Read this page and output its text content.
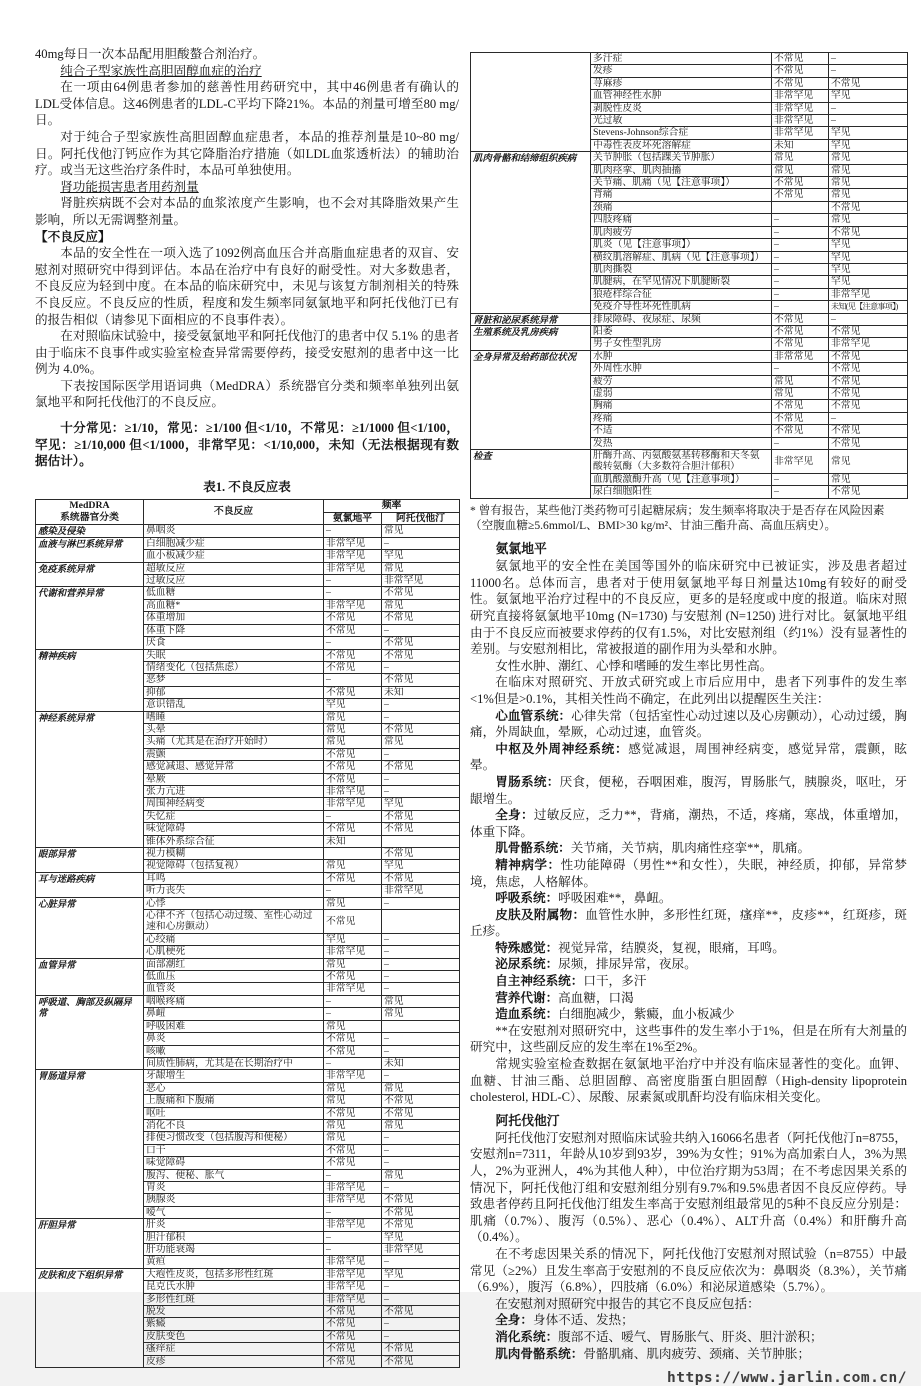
40mg每日一次本品配用胆酸螯合剂治疗。
纯合子型家族性高胆固醇血症的治疗
在一项由64例患者参加的慈善性用药研究中，其中46例患者有确认的LDL受体信息。这46例患者的LDL-C平均下降21%。本品的剂量可增至80 mg/日。
对于纯合子型家族性高胆固醇血症患者，本品的推荐剂量是10~80 mg/日。阿托伐他汀钙应作为其它降脂治疗措施（如LDL血浆透析法）的辅助治疗。或当无这些治疗条件时，本品可单独使用。
肾功能损害患者用药剂量
肾脏疾病既不会对本品的血浆浓度产生影响，也不会对其降脂效果产生影响，所以无需调整剂量。
【不良反应】
本品的安全性在一项入选了1092例高血压合并高脂血症患者的双盲、安慰剂对照研究中得到评估。本品在治疗中有良好的耐受性。对大多数患者，不良反应为轻到中度。在本品的临床研究中，未见与该复方制剂相关的特殊不良反应。不良反应的性质，程度和发生频率同氨氯地平和阿托伐他汀已有的报告相似（请参见下面相应的不良事件表）。
在对照临床试验中，接受氨氯地平和阿托伐他汀的患者中仅 5.1% 的患者由于临床不良事件或实验室检查异常需要停药，接受安慰剂的患者中这一比例为 4.0%。
下表按国际医学用语词典（MedDRA）系统器官分类和频率单独列出氨氯地平和阿托伐他汀的不良反应。
十分常见：≥1/10，常见：≥1/100 但<1/10，不常见：≥1/1000 但<1/100，罕见：≥1/10,000 但<1/1000，非常罕见：<1/10,000，未知（无法根据现有数据估计）。
表1. 不良反应表
MedDRA
系统器官分类	不良反应	频率	
		氨氯地平	阿托伐他汀
感染及侵染	鼻咽炎	–	常见
血液与淋巴系统异常	白细胞减少症	非常罕见	–
	血小板减少症	非常罕见	罕见
免疫系统异常	超敏反应	非常罕见	常见
	过敏反应	–	非常罕见
代谢和营养异常	低血糖	–	不常见
	高血糖*	非常罕见	常见
	体重增加	不常见	不常见
	体重下降	不常见	–
	厌食	–	不常见
精神疾病	失眠	不常见	不常见
	情绪变化（包括焦虑）	不常见	–
	恶梦	–	不常见
	抑郁	不常见	未知
	意识错乱	罕见	–
神经系统异常	嗜睡	常见	–
	头晕	常见	不常见
	头痛（尤其是在治疗开始时）	常见	常见
	震颤	不常见	–
	感觉减退、感觉异常	不常见	不常见
	晕厥	不常见	–
	张力亢进	非常罕见	–
	周围神经病变	非常罕见	罕见
	失忆症	–	不常见
	味觉障碍	不常见	不常见
	锥体外系综合征	未知	
眼部异常	视力模糊		不常见
	视觉障碍（包括复视）	常见	罕见
耳与迷路疾病	耳鸣	不常见	不常见
	听力丧失	–	非常罕见
心脏异常	心悸	常见	–
	心律不齐（包括心动过缓、室性心动过速和心房颤动）	不常见	
	心绞痛	罕见	–
	心肌梗死	非常罕见	–
血管异常	面部潮红	常见	–
	低血压	不常见	–
	血管炎	非常罕见	–
呼吸道、胸部及纵隔异常	咽喉疼痛	–	常见
	鼻衄	–	常见
	呼吸困难	常见	
	鼻炎	不常见	–
	咳嗽	不常见	–
	间质性肺病，尤其是在长期治疗中	–	未知
胃肠道异常	牙龈增生	非常罕见	–
	恶心	常见	常见
	上腹痛和下腹痛	常见	不常见
	呕吐	不常见	不常见
	消化不良	常见	常见
	排便习惯改变（包括腹泻和便秘）	常见	–
	口干	不常见	–
	味觉障碍	不常见	–
	腹泻、便秘、胀气	–	常见
	胃炎	非常罕见	–
	胰腺炎	非常罕见	不常见
	嗳气	–	不常见
肝胆异常	肝炎	非常罕见	不常见
	胆汁郁积	–	罕见
	肝功能衰竭	–	非常罕见
	黄疸	非常罕见	–
皮肤和皮下组织异常	大疱性皮炎，包括多形性红斑	非常罕见	罕见
	昆克氏水肿	非常罕见	–
	多形性红斑	非常罕见	–
	脱发	不常见	不常见
	紫癜	不常见	–
	皮肤变色	不常见	–
	瘙痒症	不常见	不常见
	皮疹	不常见	不常见
	多汗症	不常见	–
	发疹	不常见	–
	荨麻疹	不常见	不常见
	血管神经性水肿	非常罕见	罕见
	剥脱性皮炎	非常罕见	–
	光过敏	非常罕见	–
	Stevens-Johnson综合症	非常罕见	罕见
	中毒性表皮坏死溶解症	未知	罕见
肌肉骨骼和结缔组织疾病	关节肿胀（包括踝关节肿胀）	常见	常见
	肌肉痉挛、肌肉抽搐	常见	常见
	关节痛、肌痛（见【注意事项】）	不常见	常见
	背痛	不常见	常见
	颈痛		不常见
	四肢疼痛	–	常见
	肌肉疲劳	–	不常见
	肌炎（见【注意事项】）	–	罕见
	横纹肌溶解症、肌病（见【注意事项】）	–	罕见
	肌肉撕裂	–	罕见
	肌腱病，在罕见情况下肌腱断裂	–	罕见
	狼疮样综合征	–	非常罕见
	免疫介导性坏死性肌病	–	未知(见【注意事项】)
肾脏和泌尿系统异常	排尿障碍、夜尿症、尿频	不常见	–
生殖系统及乳房疾病	阳萎	不常见	不常见
	男子女性型乳房	不常见	非常罕见
全身异常及给药部位状况	水肿	非常常见	不常见
	外周性水肿	–	不常见
	疲劳	常见	不常见
	虚弱	常见	不常见
	胸痛	不常见	不常见
	疼痛	不常见	–
	不适	不常见	不常见
	发热	–	不常见
检查	肝酶升高、丙氨酸氨基转移酶和天冬氨酸转氨酶（大多数符合胆汁郁积）	非常罕见	常见
	血肌酸激酶升高（见【注意事项】）	–	常见
	尿白细胞阳性	–	不常见
* 曾有报告，某些他汀类药物可引起糖尿病；发生频率将取决于是否存在风险因素
（空腹血糖≥5.6mmol/L、BMI>30 kg/m²、甘油三酯升高、高血压病史）。
氨氯地平
氨氯地平的安全性在美国等国外的临床研究中已被证实，涉及患者超过11000名。总体而言，患者对于使用氨氯地平每日剂量达10mg有较好的耐受性。氨氯地平治疗过程中的不良反应，更多的是轻度或中度的报道。临床对照研究直接将氨氯地平10mg (N=1730) 与安慰剂 (N=1250) 进行对比。氨氯地平组由于不良反应而被要求停药的仅有1.5%，对比安慰剂组（约1%）没有显著性的差别。与安慰剂相比，常被报道的副作用为头晕和水肿。
女性水肿、潮红、心悸和嗜睡的发生率比男性高。
在临床对照研究、开放式研究或上市后应用中，患者下列事件的发生率<1%但是>0.1%，其相关性尚不确定，在此列出以提醒医生关注：
心血管系统：心律失常（包括室性心动过速以及心房颤动），心动过缓，胸痛，外周缺血，晕厥，心动过速，血管炎。
中枢及外周神经系统：感觉减退，周围神经病变，感觉异常，震颤，眩晕。
胃肠系统：厌食，便秘，吞咽困难，腹泻，胃肠胀气，胰腺炎，呕吐，牙龈增生。
全身：过敏反应，乏力**，背痛，潮热，不适，疼痛，寒战，体重增加，体重下降。
肌骨骼系统：关节痛，关节病，肌肉痛性痉挛**，肌痛。
精神病学：性功能障碍（男性**和女性），失眠，神经质，抑郁，异常梦境，焦虑，人格解体。
呼吸系统：呼吸困难**，鼻衄。
皮肤及附属物：血管性水肿，多形性红斑，瘙痒**，皮疹**，红斑疹，斑丘疹。
特殊感觉：视觉异常，结膜炎，复视，眼痛，耳鸣。
泌尿系统：尿频，排尿异常，夜尿。
自主神经系统：口干，多汗
营养代谢：高血糖，口渴
造血系统：白细胞减少，紫癜，血小板减少
**在安慰剂对照研究中，这些事件的发生率小于1%，但是在所有大剂量的研究中，这些副反应的发生率在1%至2%。
常规实验室检查数据在氨氯地平治疗中并没有临床显著性的变化。血钾、血糖、甘油三酯、总胆固醇、高密度脂蛋白胆固醇（High-density lipoprotein cholesterol, HDL-C）、尿酸、尿素氮或肌酐均没有临床相关变化。
阿托伐他汀
阿托伐他汀安慰剂对照临床试验共纳入16066名患者（阿托伐他汀n=8755，安慰剂n=7311，年龄从10岁到93岁，39%为女性；91%为高加索白人，3%为黑人，2%为亚洲人，4%为其他人种），中位治疗期为53周；在不考虑因果关系的情况下，阿托伐他汀组和安慰剂组分别有9.7%和9.5%患者因不良反应停药。导致患者停药且阿托伐他汀组发生率高于安慰剂组最常见的5种不良反应分别是：肌痛（0.7%）、腹泻（0.5%）、恶心（0.4%）、ALT升高（0.4%）和肝酶升高（0.4%）。
在不考虑因果关系的情况下，阿托伐他汀安慰剂对照试验（n=8755）中最常见（≥2%）且发生率高于安慰剂的不良反应依次为：鼻咽炎（8.3%），关节痛（6.9%），腹泻（6.8%），四肢痛（6.0%）和泌尿道感染（5.7%）。
在安慰剂对照研究中报告的其它不良反应包括：
全身：身体不适、发热；
消化系统：腹部不适、嗳气、胃肠胀气、肝炎、胆汁淤积；
肌肉骨骼系统：骨骼肌痛、肌肉疲劳、颈痛、关节肿胀；
https://www.jarlin.com.cn/
